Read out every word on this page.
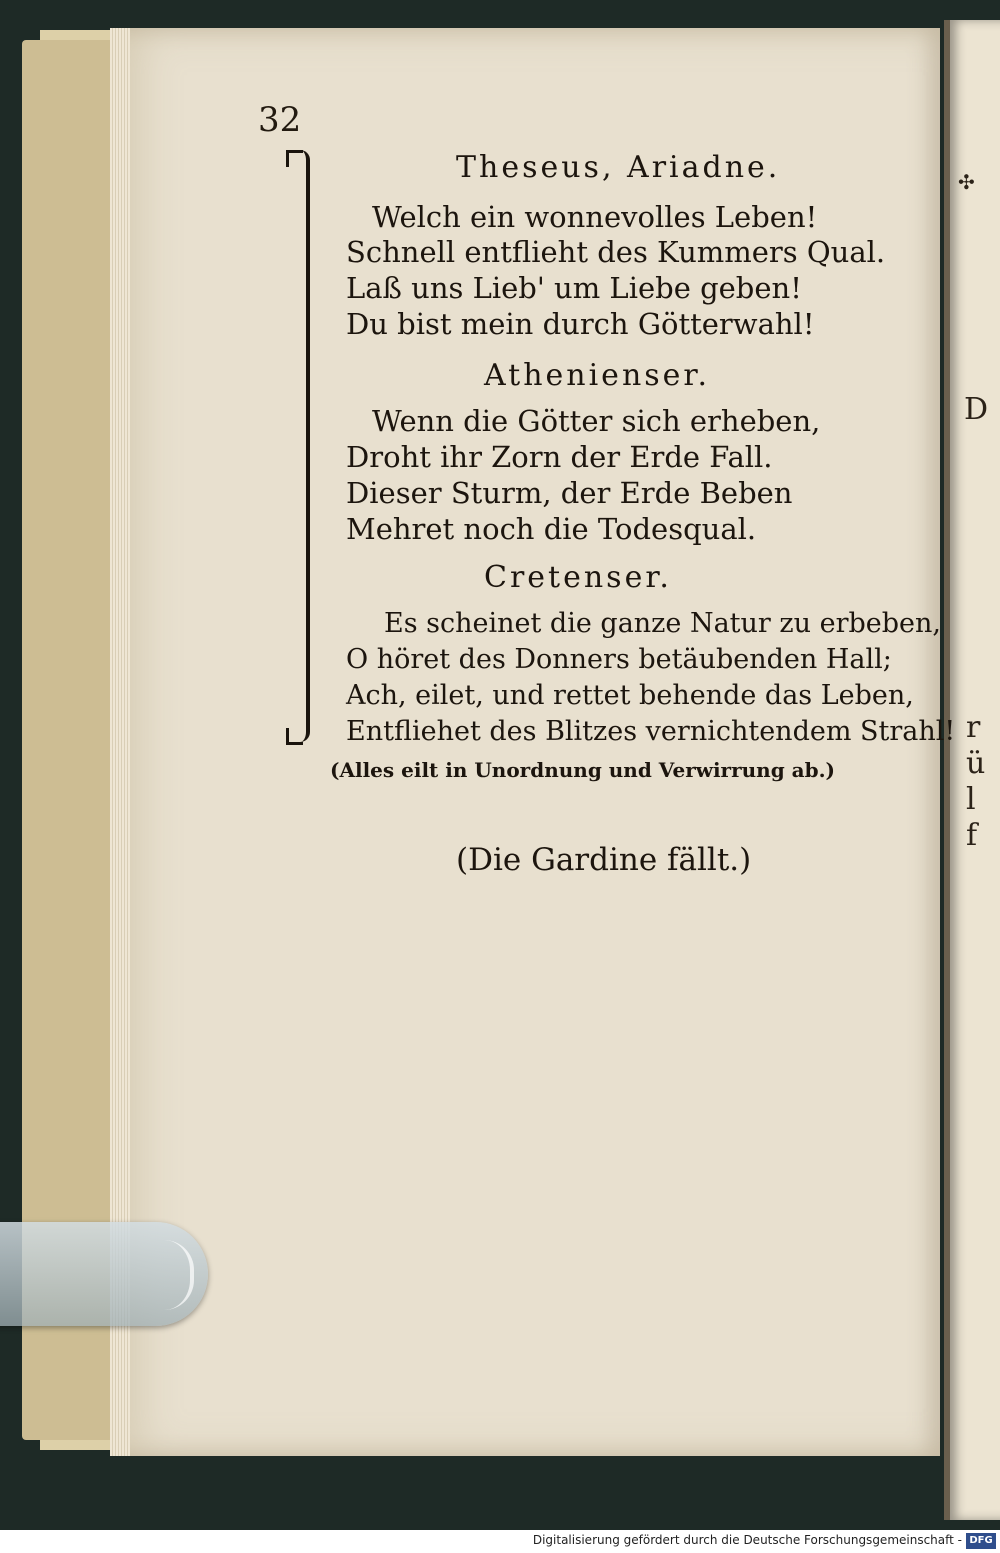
✣
D
r
ü
l
f
32
Theseus, Ariadne.
Welch ein wonnevolles Leben!
Schnell entflieht des Kummers Qual.
Laß uns Lieb' um Liebe geben!
Du bist mein durch Götterwahl!
Athenienser.
Wenn die Götter sich erheben,
Droht ihr Zorn der Erde Fall.
Dieser Sturm, der Erde Beben
Mehret noch die Todesqual.
Cretenser.
Es scheinet die ganze Natur zu erbeben,
O höret des Donners betäubenden Hall;
Ach, eilet, und rettet behende das Leben,
Entfliehet des Blitzes vernichtendem Strahl!
(Alles eilt in Unordnung und Verwirrung ab.)
(Die Gardine fällt.)
Digitalisierung gefördert durch die Deutsche Forschungsgemeinschaft - DFG
